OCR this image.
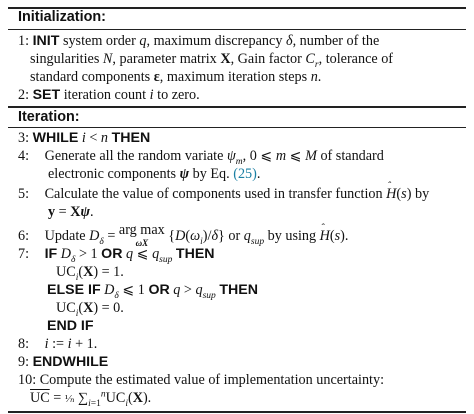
Initialization:
1: INIT system order q, maximum discrepancy δ, number of the
singularities N, parameter matrix X, Gain factor $C_r$, tolerance of
standard components ε, maximum iteration steps n.
2: SET iteration count i to zero.
Iteration:
3: WHILE i < n THEN
4: Generate all the random variate $\psi_m$, 0 ⩽ m ⩽ M of standard
electronic components ψ by Eq. (25).
5: Calculate the value of components used in transfer function ˆ H(s) by
y = Xψ.
6: Update $D_\delta$ = arg max
ωX	$\{D(\omega_i)/\delta\}$ or $q_{sup}$ by using ˆ H(s).
7: IF $D_\delta > 1$ OR q ⩽ $q_{sup}$ THEN
$UC_i(X) = 1$.
ELSE IF $D_\delta$ ⩽ 1 OR $q > q_{sup}$ THEN
$UC_i(X) = 0$.
END IF
8: i := i + 1.
9: ENDWHILE
10: Compute the estimated value of implementation uncertainty:
$\overline{UC}$ = ¹⁄ₙ $\sum_{i=1}^nUC_i(X)$.
